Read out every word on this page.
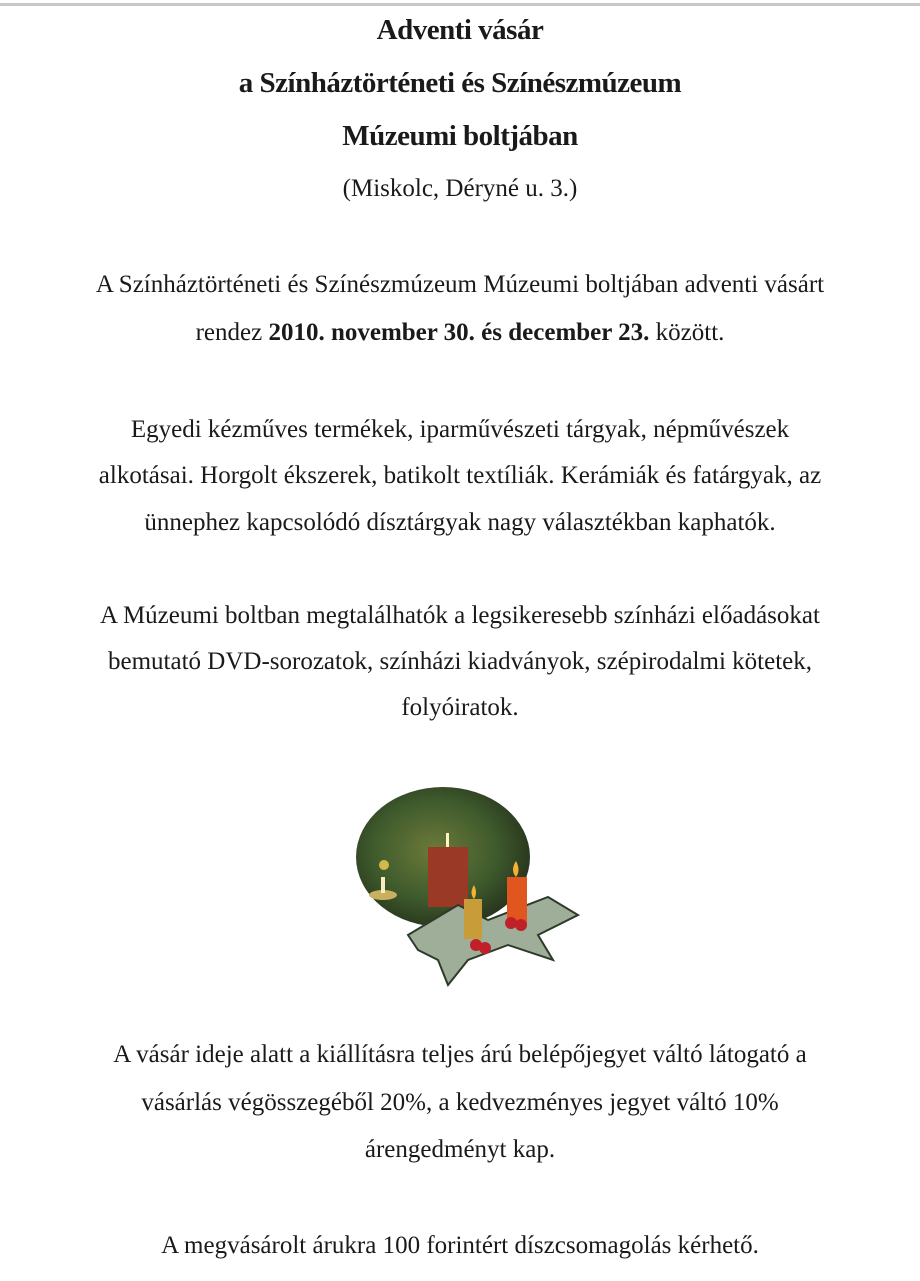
Adventi vásár
a Színháztörténeti és Színészmúzeum
Múzeumi boltjában
(Miskolc, Déryné u. 3.)
A Színháztörténeti és Színészmúzeum Múzeumi boltjában adventi vásárt
rendez 2010. november 30. és december 23. között.
Egyedi kézműves termékek, iparművészeti tárgyak, népművészek
alkotásai. Horgolt ékszerek, batikolt textíliák. Kerámiák és fatárgyak, az
ünnephez kapcsolódó dísztárgyak nagy választékban kaphatók.
A Múzeumi boltban megtalálhatók a legsikeresebb színházi előadásokat
bemutató DVD-sorozatok, színházi kiadványok, szépirodalmi kötetek,
folyóiratok.
A vásár ideje alatt a kiállításra teljes árú belépőjegyet váltó látogató a
vásárlás végösszegéből 20%, a kedvezményes jegyet váltó 10%
árengedményt kap.
A megvásárolt árukra 100 forintért díszcsomagolás kérhető.
